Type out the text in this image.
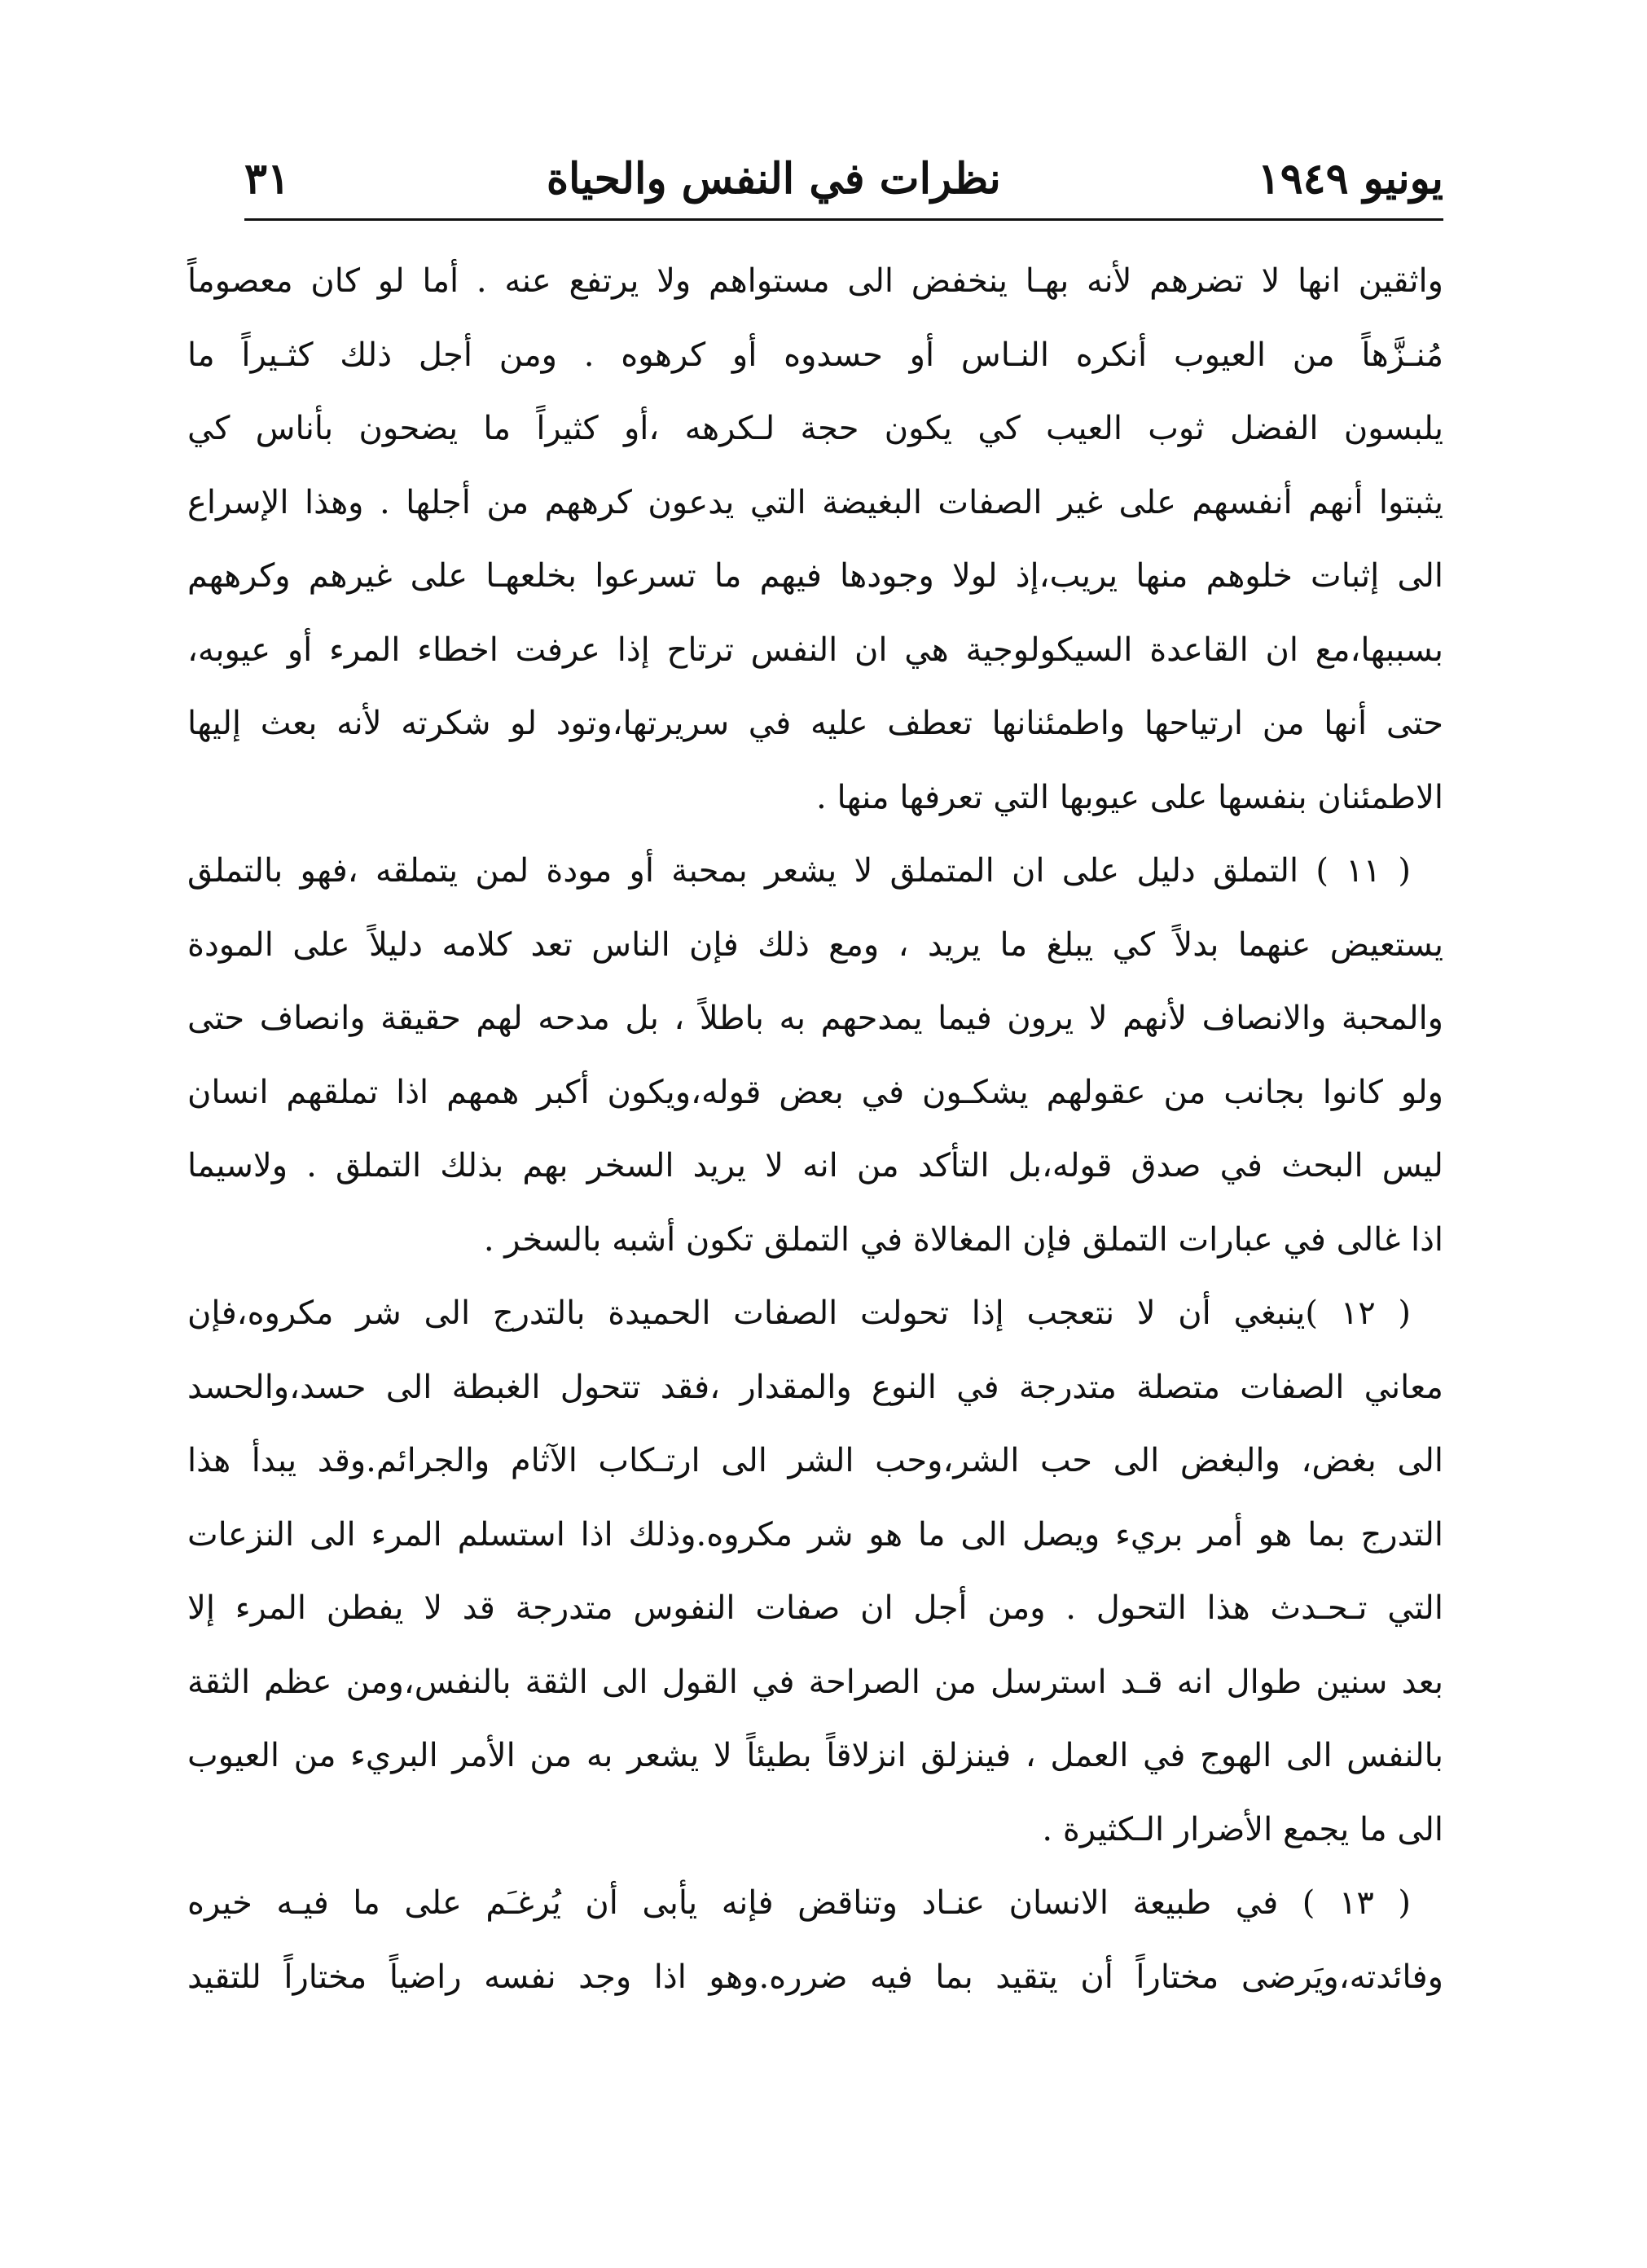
يونيو ١٩٤٩
نظرات في النفس والحياة
٣١
واثقين انها لا تضرهم لأنه بهـا ينخفض الى مستواهم ولا يرتفع عنه . أما لو كان معصوماً
مُنـزَّهاً من العيوب أنكره النـاس أو حسدوه أو كرهوه . ومن أجل ذلك كثـيراً ما
يلبسون الفضل ثوب العيب كي يكون حجة لـكرهه ،أو كثيراً ما يضحون بأناس كي
يثبتوا أنهم أنفسهم على غير الصفات البغيضة التي يدعون كرههم من أجلها . وهذا الإسراع
الى إثبات خلوهم منها يريب،إذ لولا وجودها فيهم ما تسرعوا بخلعهـا على غيرهم وكرههم
بسببها،مع ان القاعدة السيكولوجية هي ان النفس ترتاح إذا عرفت اخطاء المرء أو عيوبه،
حتى أنها من ارتياحها واطمئنانها تعطف عليه في سريرتها،وتود لو شكرته لأنه بعث إليها
الاطمئنان بنفسها على عيوبها التي تعرفها منها .
( ١١ ) التملق دليل على ان المتملق لا يشعر بمحبة أو مودة لمن يتملقه ،فهو بالتملق
يستعيض عنهما بدلاً كي يبلغ ما يريد ، ومع ذلك فإن الناس تعد كلامه دليلاً على المودة
والمحبة والانصاف لأنهم لا يرون فيما يمدحهم به باطلاً ، بل مدحه لهم حقيقة وانصاف حتى
ولو كانوا بجانب من عقولهم يشكـون في بعض قوله،ويكون أكبر همهم اذا تملقهم انسان
ليس البحث في صدق قوله،بل التأكد من انه لا يريد السخر بهم بذلك التملق . ولاسيما
اذا غالى في عبارات التملق فإن المغالاة في التملق تكون أشبه بالسخر .
( ١٢ )ينبغي أن لا نتعجب إذا تحولت الصفات الحميدة بالتدرج الى شر مكروه،فإن
معاني الصفات متصلة متدرجة في النوع والمقدار ،فقد تتحول الغبطة الى حسد،والحسد
الى بغض، والبغض الى حب الشر،وحب الشر الى ارتـكاب الآثام والجرائم.وقد يبدأ هذا
التدرج بما هو أمر بريء ويصل الى ما هو شر مكروه.وذلك اذا استسلم المرء الى النزعات
التي تـحـدث هذا التحول . ومن أجل ان صفات النفوس متدرجة قد لا يفطن المرء إلا
بعد سنين طوال انه قـد استرسل من الصراحة في القول الى الثقة بالنفس،ومن عظم الثقة
بالنفس الى الهوج في العمل ، فينزلق انزلاقاً بطيئاً لا يشعر به من الأمر البريء من العيوب
الى ما يجمع الأضرار الـكثيرة .
( ١٣ ) في طبيعة الانسان عنـاد وتناقض فإنه يأبى أن يُرغـَم على ما فيـه خيره
وفائدته،ويَرضى مختاراً أن يتقيد بما فيه ضرره.وهو اذا وجد نفسه راضياً مختاراً للتقيد
